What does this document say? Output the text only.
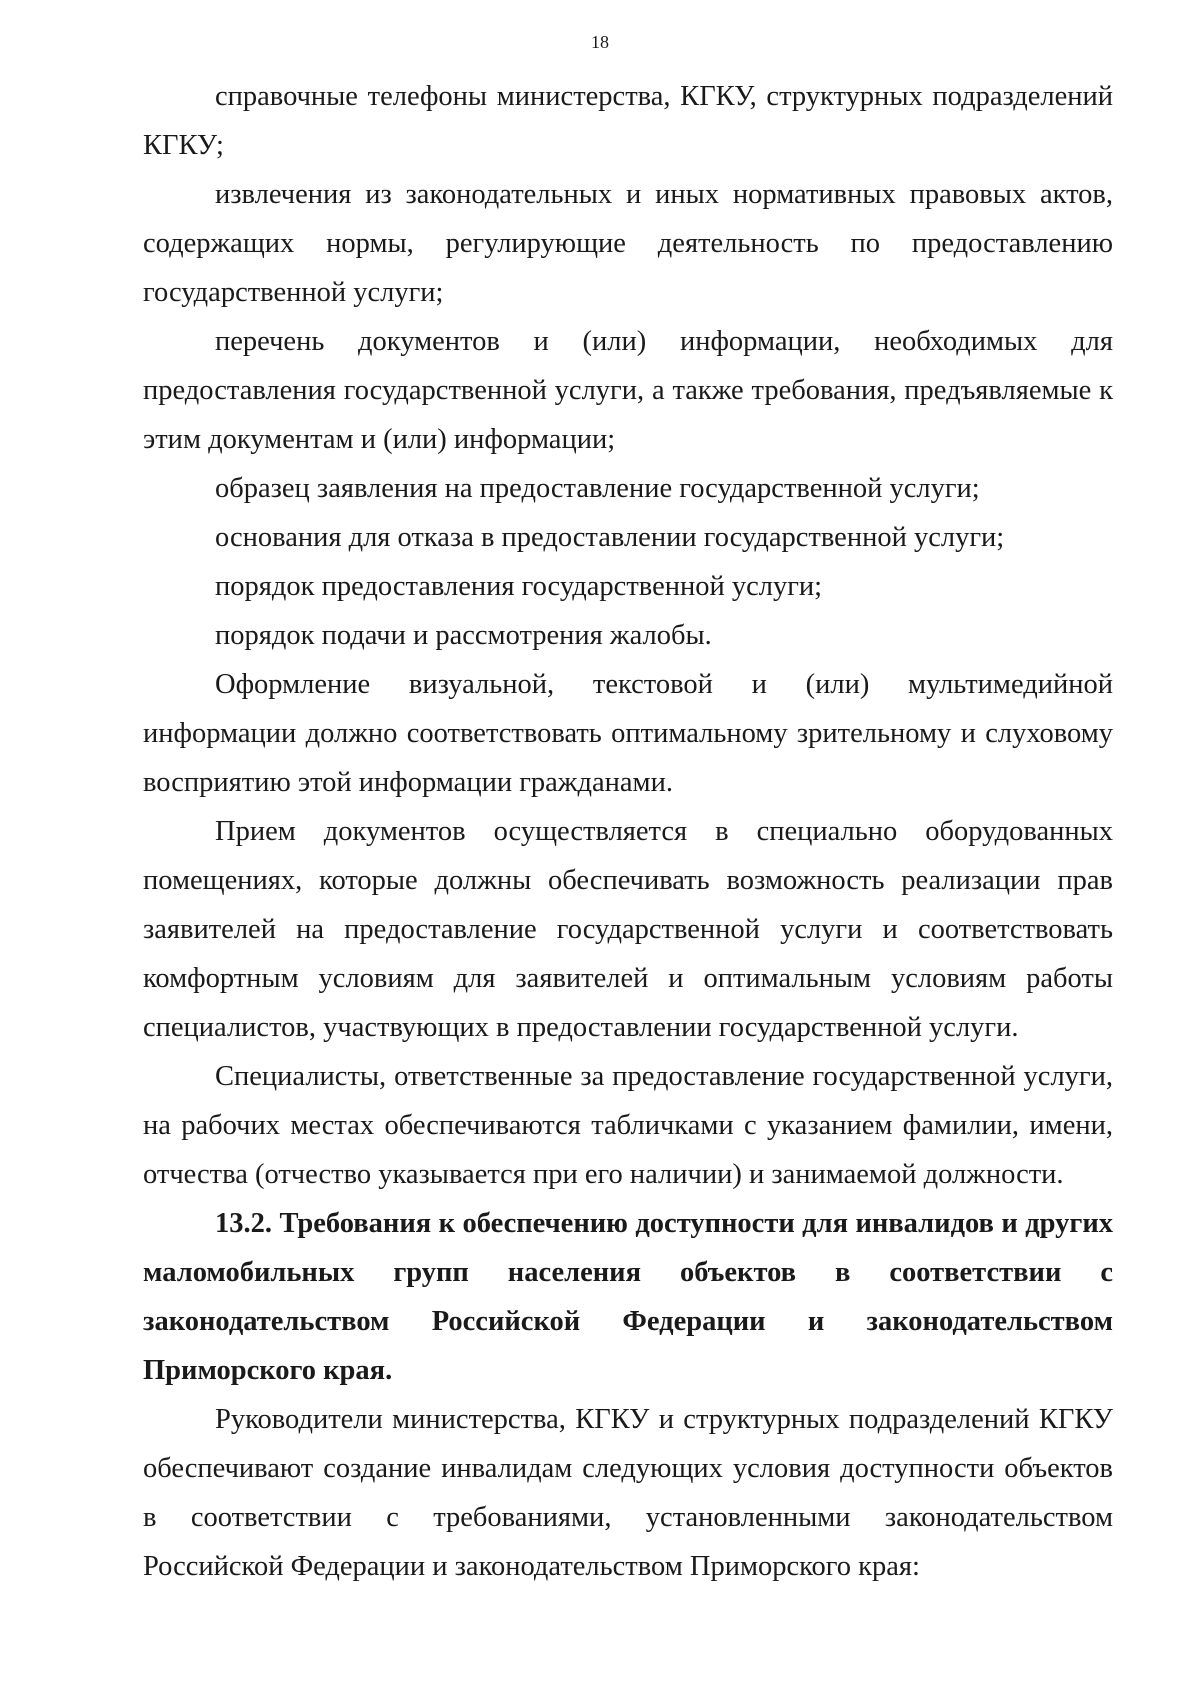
18

справочные телефоны министерства, КГКУ, структурных подразделений КГКУ;

извлечения из законодательных и иных нормативных правовых актов, содержащих нормы, регулирующие деятельность по предоставлению государственной услуги;

перечень документов и (или) информации, необходимых для предоставления государственной услуги, а также требования, предъявляемые к этим документам и (или) информации;

образец заявления на предоставление государственной услуги;

основания для отказа в предоставлении государственной услуги;

порядок предоставления государственной услуги;

порядок подачи и рассмотрения жалобы.

Оформление визуальной, текстовой и (или) мультимедийной информации должно соответствовать оптимальному зрительному и слуховому восприятию этой информации гражданами.

Прием документов осуществляется в специально оборудованных помещениях, которые должны обеспечивать возможность реализации прав заявителей на предоставление государственной услуги и соответствовать комфортным условиям для заявителей и оптимальным условиям работы специалистов, участвующих в предоставлении государственной услуги.

Специалисты, ответственные за предоставление государственной услуги, на рабочих местах обеспечиваются табличками с указанием фамилии, имени, отчества (отчество указывается при его наличии) и занимаемой должности.

13.2. Требования к обеспечению доступности для инвалидов и других маломобильных групп населения объектов в соответствии с законодательством Российской Федерации и законодательством Приморского края.

Руководители министерства, КГКУ и структурных подразделений КГКУ обеспечивают создание инвалидам следующих условия доступности объектов в соответствии с требованиями, установленными законодательством Российской Федерации и законодательством Приморского края:
